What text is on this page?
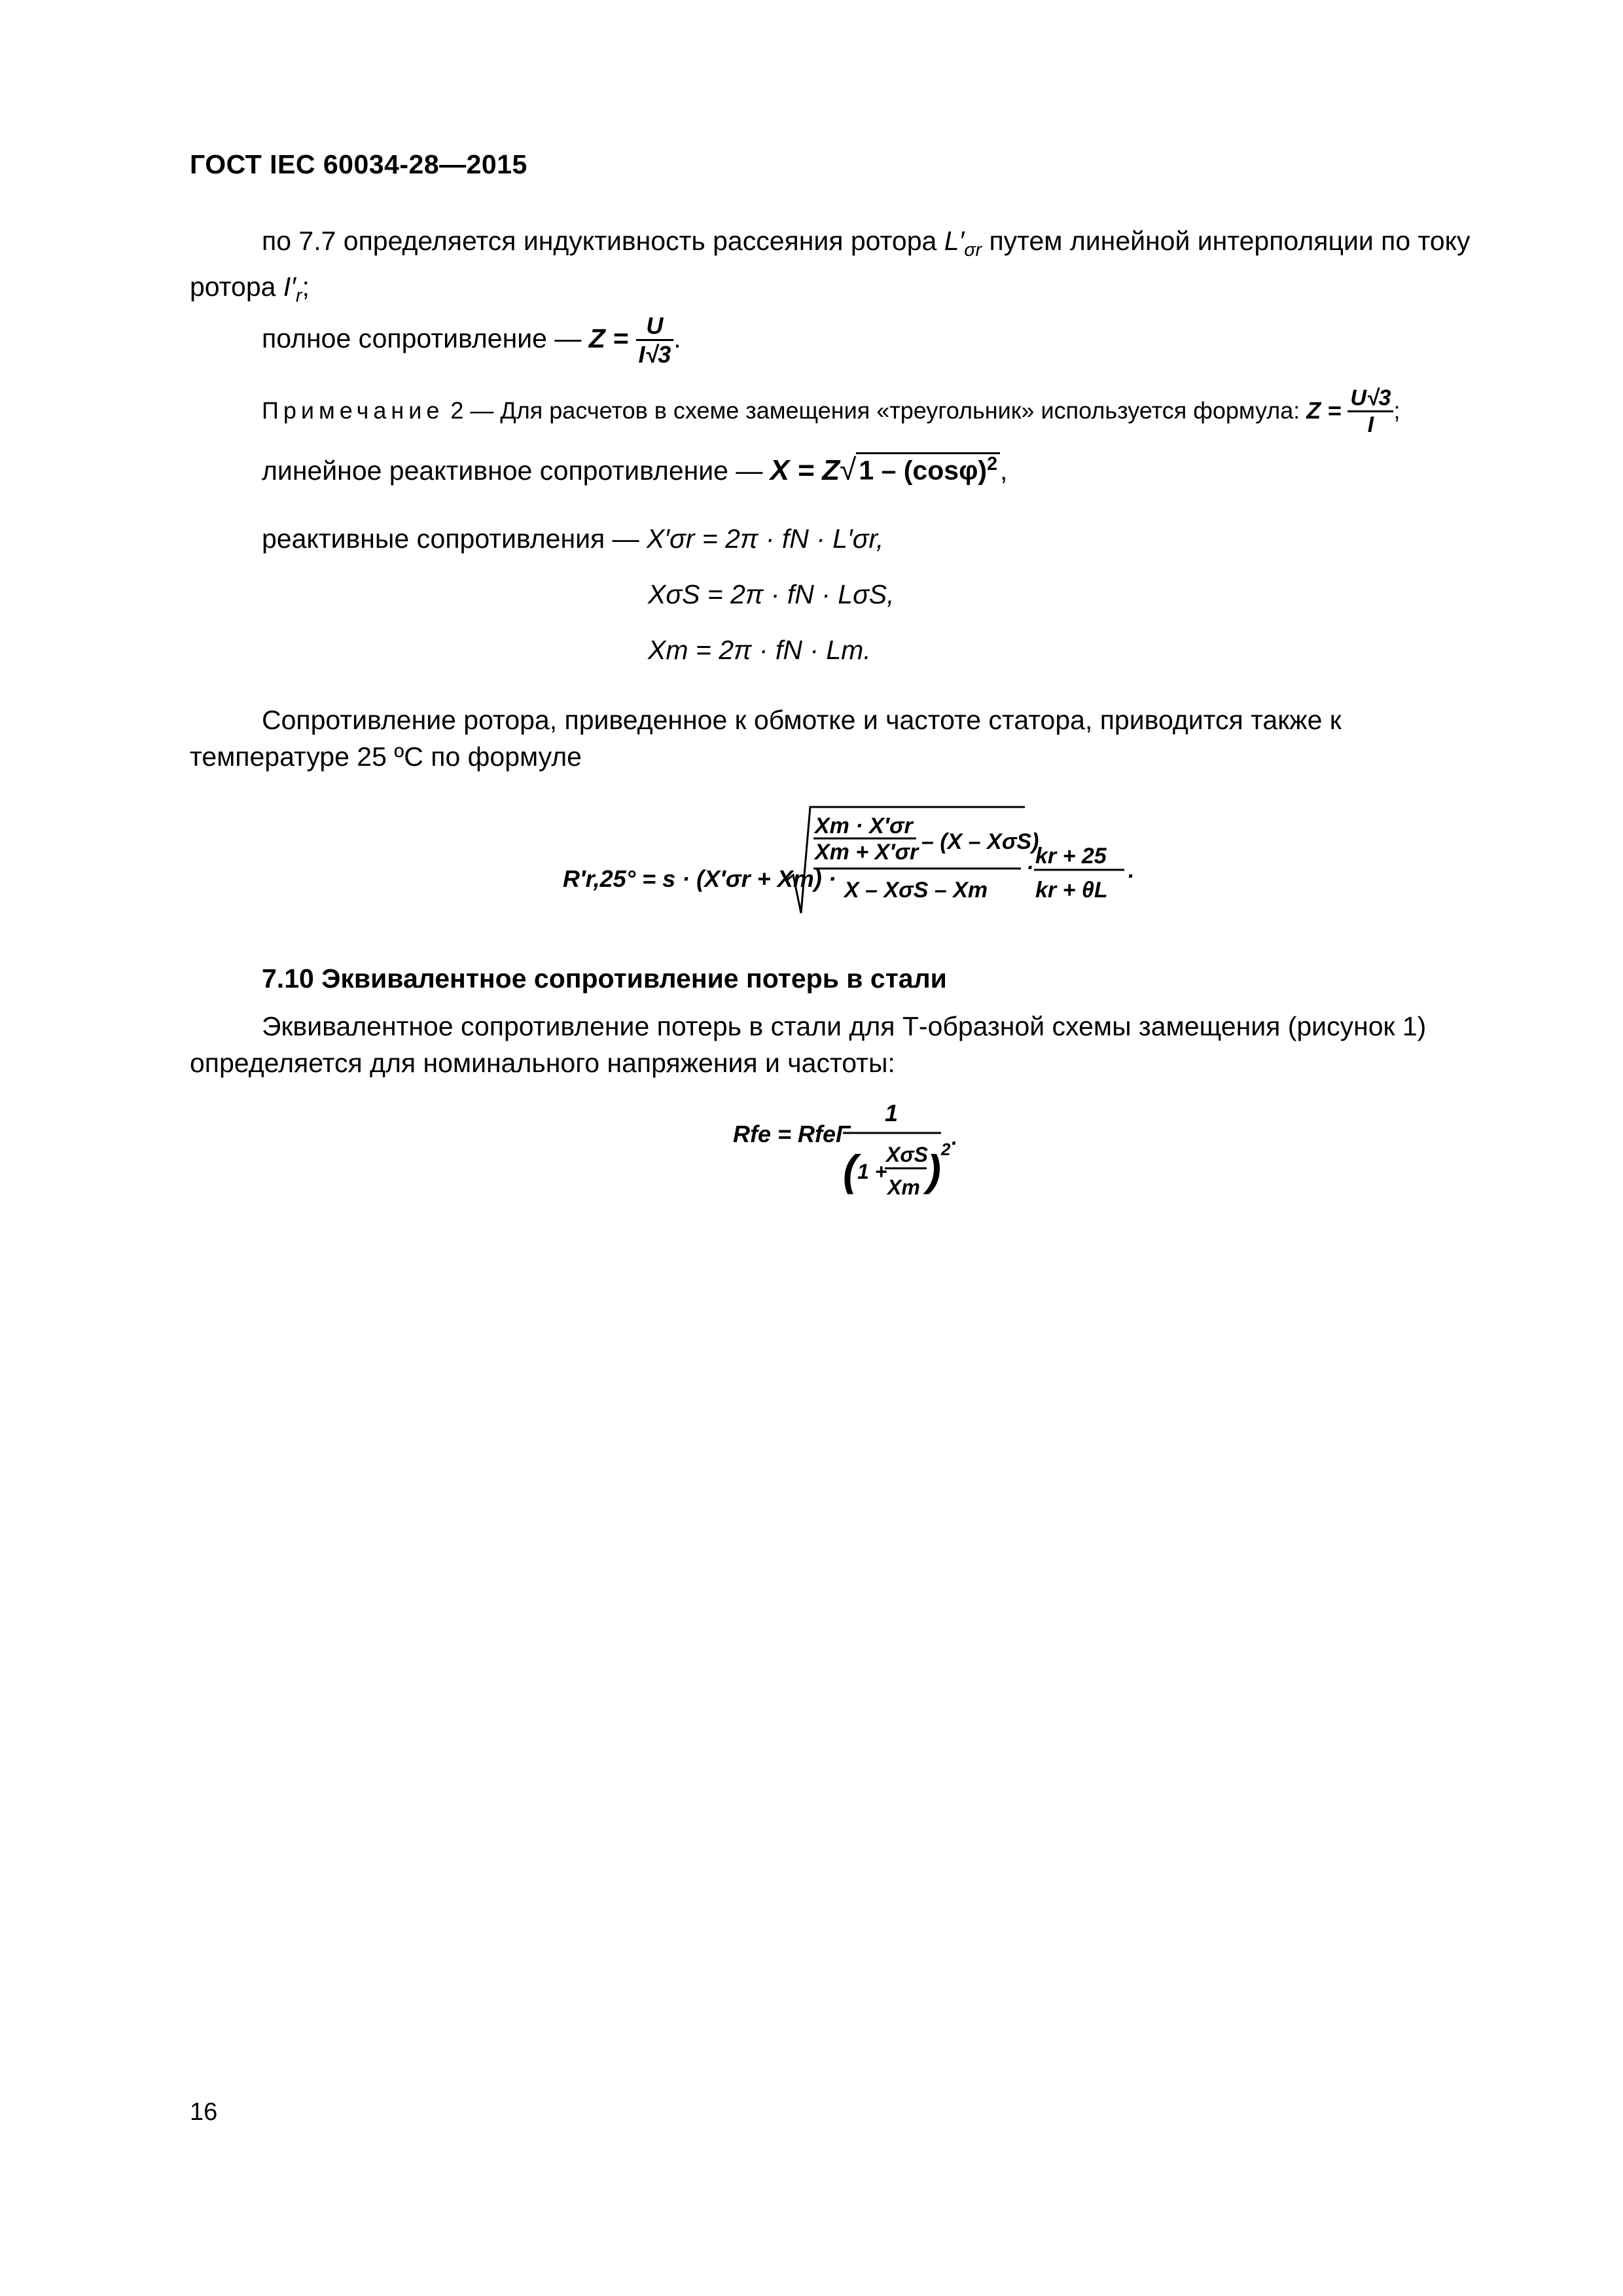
ГОСТ IEC 60034-28—2015
по 7.7 определяется индуктивность рассеяния ротора $L'_{\sigma r}$ путем линейной интерполяции по току ротора $I'_r$;
полное сопротивление — $Z = \frac{U}{I√3}$ .
Примечание 2 — Для расчетов в схеме замещения «треугольник» используется формула: $Z = \frac{U√3}{I}$ ;
линейное реактивное сопротивление — $X = Z√1 - (\cos\varphi)^2$,
реактивные сопротивления — X′σr = 2π · fN · L′σr,
XσS = 2π · fN · LσS,
Xm = 2π · fN · Lm.
Сопротивление ротора, приведенное к обмотке и частоте статора, приводится также к температуре 25 ºC по формуле
R′r,25° = s · (X′σr + Xm) ·
Xm · X′σr
Xm + X′σr – (X – XσS)
X – XσS – Xm
· kr + 25
kr + θL
.
7.10 Эквивалентное сопротивление потерь в стали
Эквивалентное сопротивление потерь в стали для Т-образной схемы замещения (рисунок 1) определяется для номинального напряжения и частоты:
Rfe = RfeГ
1
( 1 +
XσS
Xm ) 2 .
16
